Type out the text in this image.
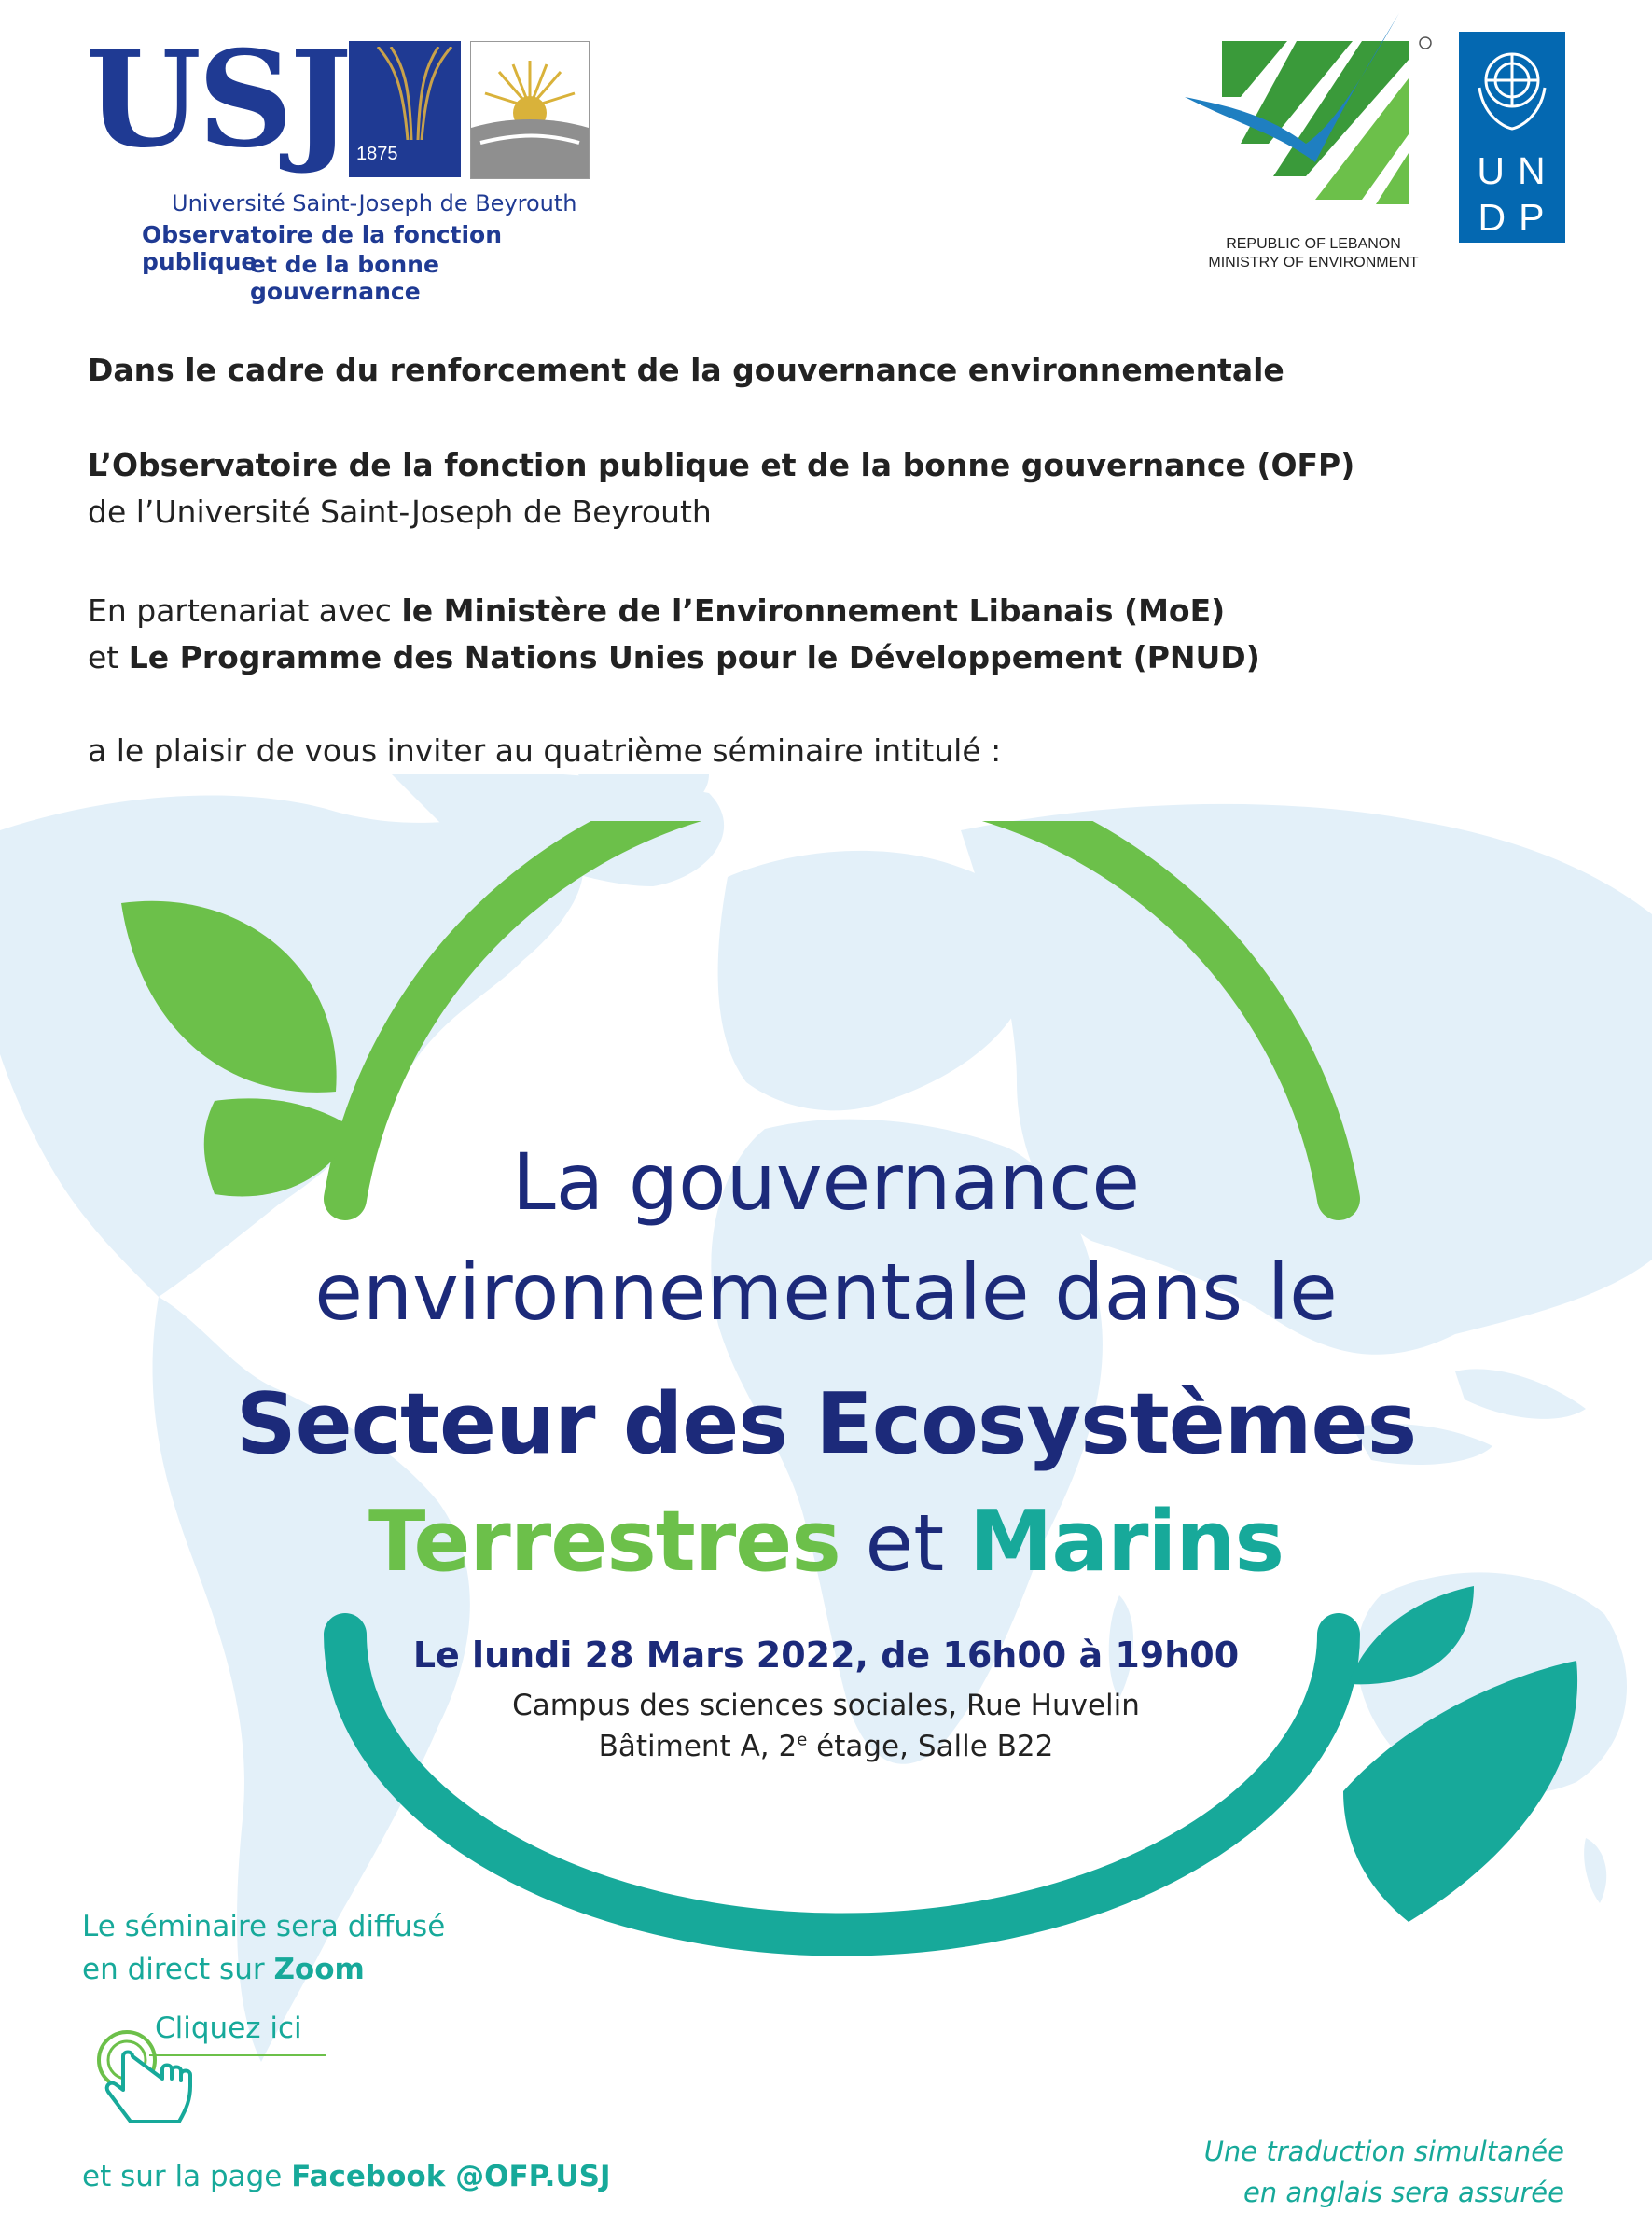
USJ 1875
Université Saint-Joseph de Beyrouth
Observatoire de la fonction publique
et de la bonne gouvernance
REPUBLIC OF LEBANON
MINISTRY OF ENVIRONMENT
UN
DP
Dans le cadre du renforcement de la gouvernance environnementale
L’Observatoire de la fonction publique et de la bonne gouvernance (OFP)
de l’Université Saint-Joseph de Beyrouth
En partenariat avec le Ministère de l’Environnement Libanais (MoE)
et Le Programme des Nations Unies pour le Développement (PNUD)
a le plaisir de vous inviter au quatrième séminaire intitulé :
La gouvernance
environnementale dans le
Secteur des Ecosystèmes
Terrestres et Marins
Le lundi 28 Mars 2022, de 16h00 à 19h00
Campus des sciences sociales, Rue Huvelin
Bâtiment A, 2e étage, Salle B22
Le séminaire sera diffusé
en direct sur Zoom
Cliquez ici
et sur la page Facebook @OFP.USJ
Une traduction simultanée
en anglais sera assurée
